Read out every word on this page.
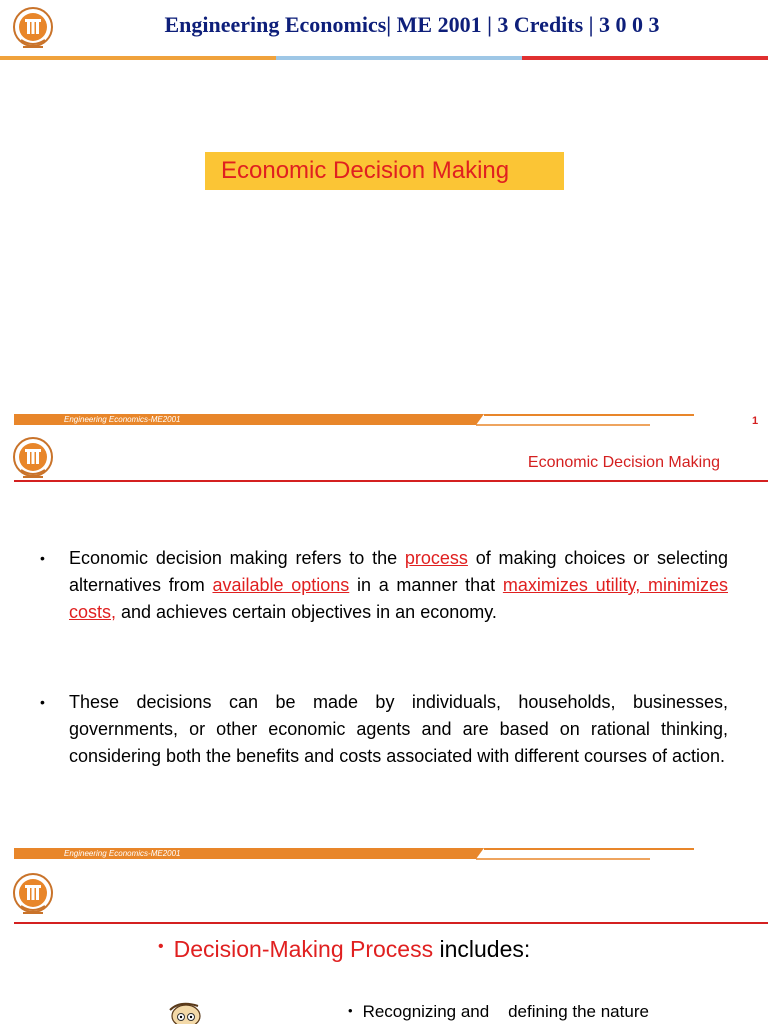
Engineering Economics| ME 2001 | 3 Credits | 3 0 0 3
Economic Decision Making
Engineering Economics-ME2001	1
Economic Decision Making
• Economic decision making refers to the process of making choices or selecting alternatives from available options in a manner that maximizes utility, minimizes costs, and achieves certain objectives in an economy.
• These decisions can be made by individuals, households, businesses, governments, or other economic agents and are based on rational thinking, considering both the benefits and costs associated with different courses of action.
Engineering Economics-ME2001
• Decision-Making Process includes:
• Recognizing and    defining the nature
